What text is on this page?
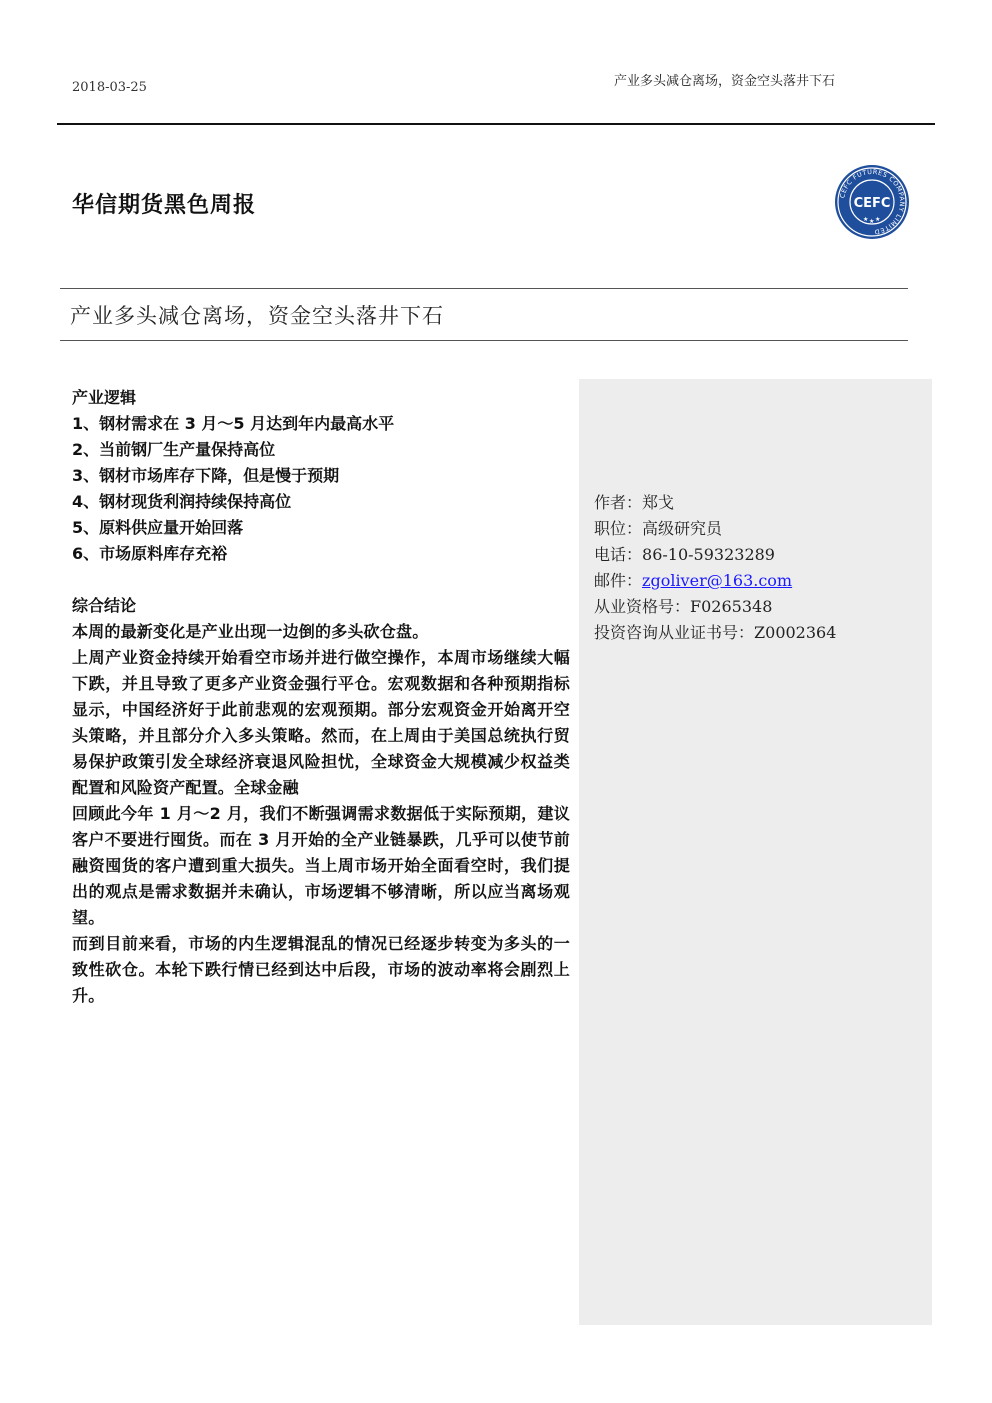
2018-03-25	产业多头减仓离场，资金空头落井下石
华信期货黑色周报	CEFC FUTURES COMPANY LIMITED
CEFC
★ ★ ★
产业多头减仓离场，资金空头落井下石
作者：郑戈
职位：高级研究员
电话：86-10-59323289
邮件：zgoliver@163.com
从业资格号：F0265348
投资咨询从业证书号：Z0002364
产业逻辑
1、钢材需求在 3 月～5 月达到年内最高水平
2、当前钢厂生产量保持高位
3、钢材市场库存下降，但是慢于预期
4、钢材现货利润持续保持高位
5、原料供应量开始回落
6、市场原料库存充裕
综合结论

本周的最新变化是产业出现一边倒的多头砍仓盘。

上周产业资金持续开始看空市场并进行做空操作，本周市场继续大幅下跌，并且导致了更多产业资金强行平仓。宏观数据和各种预期指标显示，中国经济好于此前悲观的宏观预期。部分宏观资金开始离开空头策略，并且部分介入多头策略。然而，在上周由于美国总统执行贸易保护政策引发全球经济衰退风险担忧，全球资金大规模减少权益类配置和风险资产配置。全球金融

回顾此今年 1 月～2 月，我们不断强调需求数据低于实际预期，建议客户不要进行囤货。而在 3 月开始的全产业链暴跌，几乎可以使节前融资囤货的客户遭到重大损失。当上周市场开始全面看空时，我们提出的观点是需求数据并未确认，市场逻辑不够清晰，所以应当离场观望。

而到目前来看，市场的内生逻辑混乱的情况已经逐步转变为多头的一致性砍仓。本轮下跌行情已经到达中后段，市场的波动率将会剧烈上升。
